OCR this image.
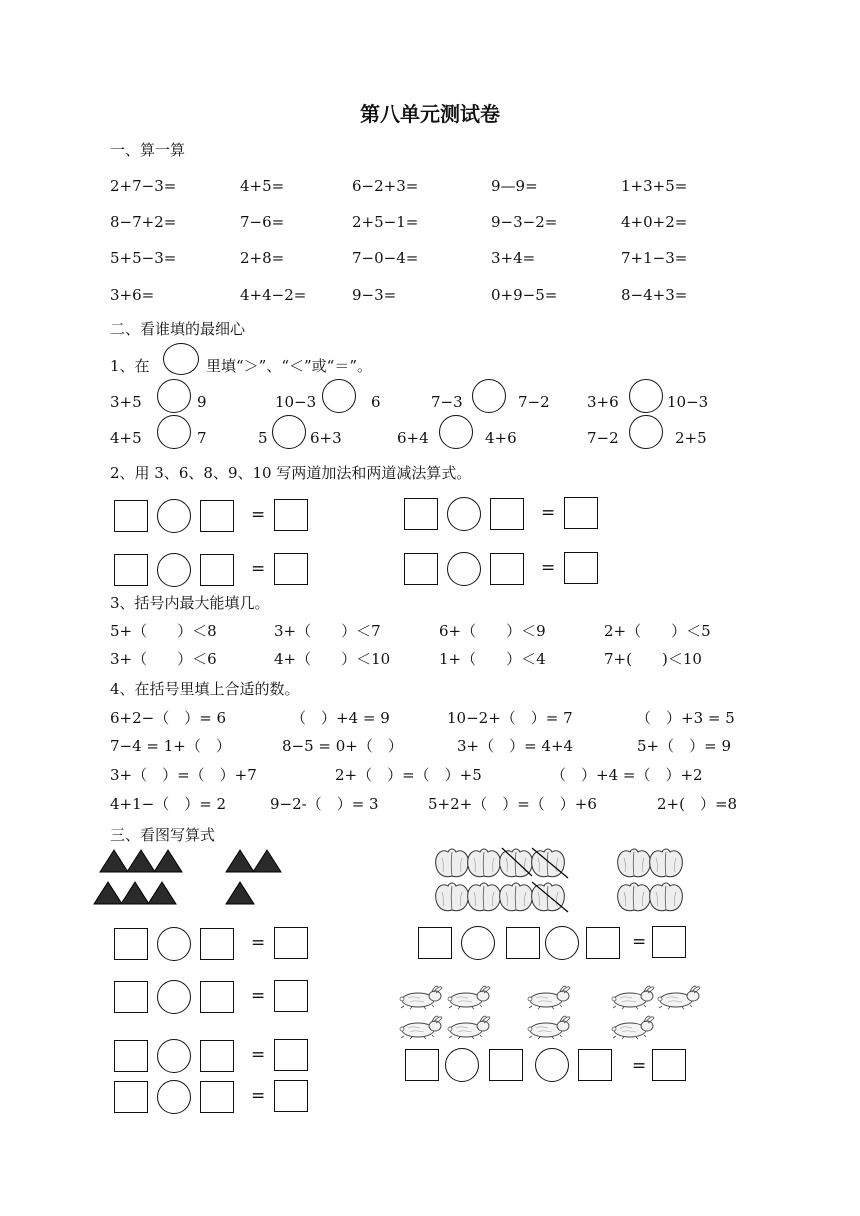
第八单元测试卷
一、算一算
2+7−3=	4+5=	6−2+3=	9—9=	1+3+5=
8−7+2=	7−6=	2+5−1=	9−3−2=	4+0+2=
5+5−3=	2+8=	7−0−4=	3+4=	7+1−3=
3+6=	4+4−2=	9−3=	0+9−5=	8−4+3=
二、看谁填的最细心
1、在	里填“＞”、“＜”或“＝”。
3+5	9	10−3	6	7−3	7−2 3+6	10−3
4+5	7	5	6+3	6+4	4+6	7−2	2+5
2、用 3、6、8、9、10 写两道加法和两道减法算式。
=	=
=	=
3、括号内最大能填几。
5+（　　）＜8	3+（　　）＜7	6+（　　）＜9	2+（　　）＜5
3+（　　）＜6	4+（　　）＜10	1+（　　）＜4	7+(　　)＜10
4、在括号里填上合适的数。
6+2−（　）= 6	（　）+4 = 9	10−2+（　）= 7	（　）+3 = 5
7−4 = 1+（　）	8−5 = 0+（　）	3+（　）= 4+4	5+（　）= 9
3+（　）=（　）+7	2+（　）=（　）+5	（　）+4 =（　）+2
4+1−（　）= 2	9−2-（　）= 3	5+2+（　）=（　）+6	2+(　）=8
三、看图写算式
=
=
=
=
=
=
